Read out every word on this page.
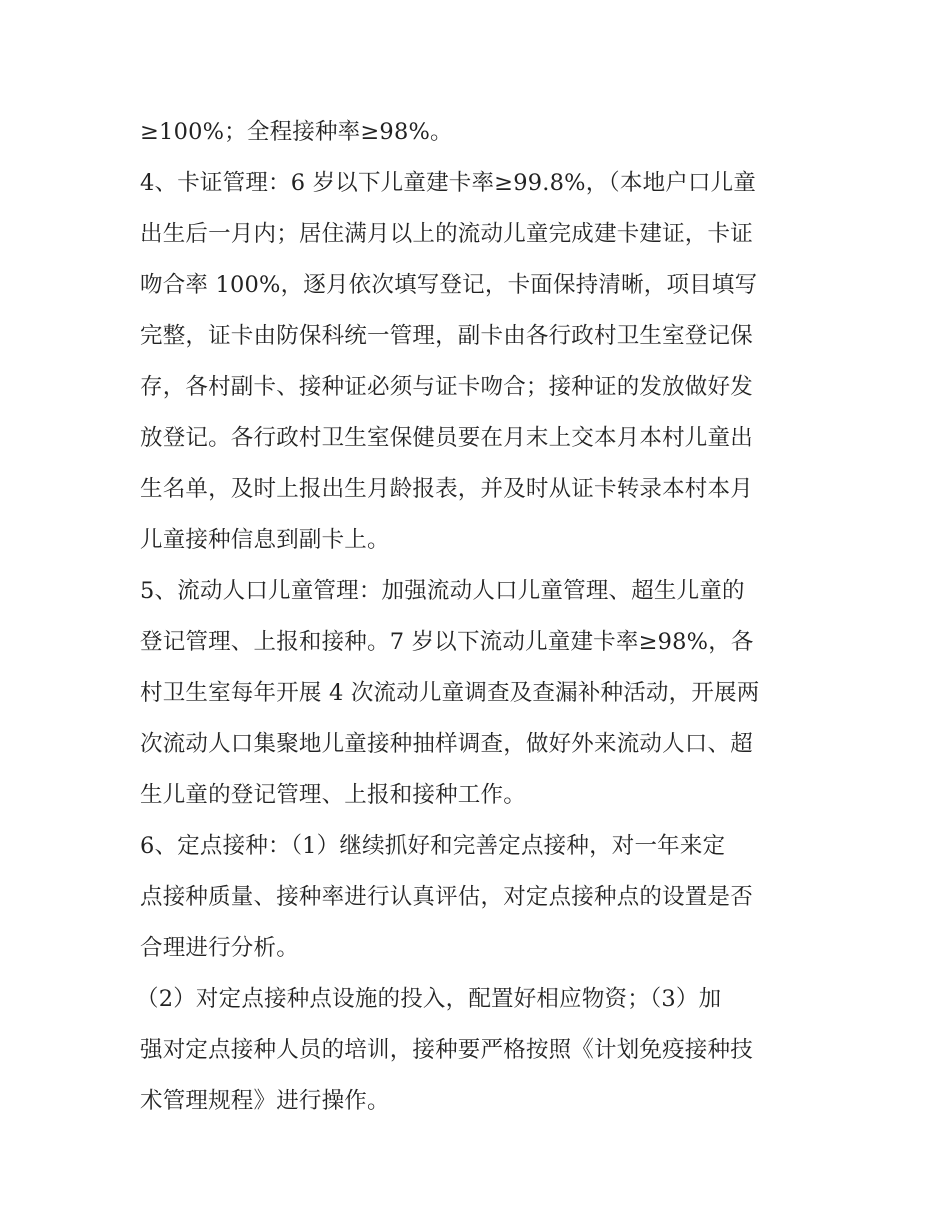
≥100%；全程接种率≥98%。
4、卡证管理：6 岁以下儿童建卡率≥99.8%，（本地户口儿童
出生后一月内；居住满月以上的流动儿童完成建卡建证，卡证
吻合率 100%，逐月依次填写登记，卡面保持清晰，项目填写
完整，证卡由防保科统一管理，副卡由各行政村卫生室登记保
存，各村副卡、接种证必须与证卡吻合；接种证的发放做好发
放登记。各行政村卫生室保健员要在月末上交本月本村儿童出
生名单，及时上报出生月龄报表，并及时从证卡转录本村本月
儿童接种信息到副卡上。
5、流动人口儿童管理：加强流动人口儿童管理、超生儿童的
登记管理、上报和接种。7 岁以下流动儿童建卡率≥98%，各
村卫生室每年开展 4 次流动儿童调查及查漏补种活动，开展两
次流动人口集聚地儿童接种抽样调查，做好外来流动人口、超
生儿童的登记管理、上报和接种工作。
6、定点接种：（1）继续抓好和完善定点接种，对一年来定
点接种质量、接种率进行认真评估，对定点接种点的设置是否
合理进行分析。
（2）对定点接种点设施的投入，配置好相应物资；（3）加
强对定点接种人员的培训，接种要严格按照《计划免疫接种技
术管理规程》进行操作。
